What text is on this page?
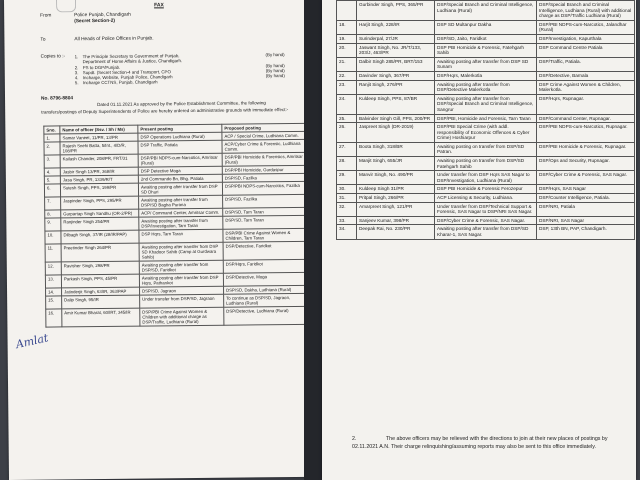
FAX
From	Police Punjab, Chandigarh
(Secret Section-2)
To	All Heads of Police Offices in Punjab.
Copies to :- 1. The Principle Secretary to Government of Punjab,	(By hand)
Department of Home Affairs & Justice, Chandigarh.
2. PS to DGP/Punjab.	(By hand)
3. Supdt. (Secret Section-4 and Transport, CPO	(By hand)
4. Incharge, Website, Punjab Police, Chandigarh	(By hand)
5. Incharge CCTNS, Punjab, Chandigarh
No. 8796-8804
Dated 01.11.2021 As approved by the Police Establishment Committee, the following transfers/postings of Deputy Superintendents of Police are hereby ordered on administrative grounds with immediate effect:-
Sno.	Name of officer (Ssv. / Sh / Ms)	Present posting	Proposed posting
1.	Samar Vaneet, 11/PR, 13/PR	DSP Operations Ludhiana (Rural)	ACP / Special Crime, Ludhiana Comm.
2.	Rajesh Snehi Batta, 5/Int., 4/D/R, 108/PR	DSP Traffic, Patiala	ACP/Cyber Crime & Forensic, Ludhiana Comm.
3.	Kailash Chander, 208/PR, FRT/31	DSP/PBI NDPS-cum-Narcotics, Amritsar (Rural)	DSP/PBI Homicide & Forensics, Amritsar (Rural)
4.	Jasbir Singh 13/PR, 368/IR	DSP Detective Moga	DSP/PBI Homicide, Gurdaspur
5.	Jasa Singh, PR, 1339/R/T	2nd Commando Bn, Bhg. Patiala	DSP/SD, Fazilka
6.	Sutesh Singh, PPS, 199/PR	Awaiting posting after transfer from DSP SD Dhuri	DSP/PBI NDPS-cum-Narcotics, Fazilka
7.	Jaspinder Singh, PPS, 295/PR	Awaiting posting after transfer from DSP/SD Bagha Purana	DSP/SD, Fazilka
8.	Gurpartap Singh Sandhu (OR-2/PR)	ACP/ Command Center, Amritsar Comm.	DSP/SD, Tarn Taran
9.	Ranjinder Singh 254/PR	Awaiting posting after transfer from DSP/Investigation, Tarn Taran	DSP/SD, Tarn Taran
10.	Dilbagh Singh, 37/IR (28/IR/PAP)	DSP Hqrs, Tarn Taran	DSP/PBI Crime Against Women & Children, Tarn Taran
11.	Preetinder Singh 264/PR	Awaiting posting after transfer from DSP SD Khadoor Sahib (Camp at Gurdwara Sahib)	DSP/Detective, Faridkot
12.	Ravisher Singh, 298/PR	Awaiting posting after transfer from DSP/SD, Faridkot	DSP/Hqrs, Faridkot
13.	Parkash Singh, PPS, 45/PR	Awaiting posting after transfer from DSP Hqrs, Pathankot	DSP/Detective, Moga
14.	Jatinderjit Singh, 63/IR, 363/PAP	DSP/SD, Jagraon	DSP/SD, Dakha, Ludhiana (Rural)
15.	Dalip Singh, 95/IR	Under transfer from DSP/SD, Jagraon	To continue as DSP/SD, Jagraon, Ludhiana (Rural)
16.	Amir Kumar Bharat, 60/IRT, 345/IR	DSP/PBI Crime Against Women & Children with additional charge as DSP/Traffic, Ludhiana (Rural)	DSP/Detective, Ludhiana (Rural)
Amlat
	Gurbinder Singh, PPS, 365/PR	DSP/Special Branch and Criminal Intelligence, Ludhiana (Rural)	DSP/Special Branch and Criminal Intelligence, Ludhiana (Rural) with additional charge as DSP/Traffic Ludhiana (Rural)
18.	Harjit Singh, 228/IR	DSP SD Multanpur Dakha	DSP/PBI NDPS-cum-Narcotics, Jalandhar (Rural)
19.	Surinderpal, 27/JR	DSP/SD, Jaito, Faridkot	DSP/Investigation, Kapurthala
20.	Jaswant Singh, No. JR/T/133, 203/J, 463/PR	DSP PBI Homicide & Forensic, Fatehgarh Sahib	DSP Command Centre Patiala
21.	Dalbir Singh 285/PR, BRT/153	Awaiting posting after transfer from DSP SD Sunam	DSP/Traffic, Patiala.
22.	Davinder Singh, 367/PR	DSP/Hqrs, Malerkotla	DSP/Detective, Barnala
23.	Ranjit Singh, 276/PR	Awaiting posting after transfer from DSP/Detective Malerkotla	DSP Crime Against Women & Children, Malerkotla.
24.	Kuldeep Singh, PPS, 87/BR	Awaiting posting after transfer from DSP/Special Branch and Criminal Intelligence, Sangrur	DSP/Hqrs, Rupnagar.
25.	Balvinder Singh Gill, PPS, 200/PR	DSP/PBI, Homicide and Forensic, Tarn Taran	DSP/Command Center, Rupnagar.
26.	Jaspreet Singh (DR-2019)	DSP/PBI Special Crime (with addl. responsibility of Economic Offences & Cyber Crime) Hoshiarpur	DSP/PBI NDPS-cum-Narcotics, Rupnagar.
27.	Boota Singh, 318/BR	Awaiting posting on transfer from DSP/SD Patran.	DSP/PBI Homicide & Forensic, Rupnagar.
28.	Manjit Singh, 655/JR	Awaiting posting on transfer from DSP/SD Fatehgarh Sahib	DSP/Ops and Security, Rupnagar.
29.	Manvir Singh, No. 490/PR	Under transfer from DSP Hqrs SAS Nagar to DSP/Investigation, Ludhiana (Rural)	DSP/Cyber Crime & Forensic, SAS Nagar.
30.	Kuldeep Singh 31/PR	DSP PBI Homicide & Forensic Ferozepur	DSP/Hqrs, SAS Nagar
31.	Pritpal Singh, 266/PR	ACP Licensing & Security, Ludhiana.	DSP/Counter Intelligence, Patiala.
32.	Amarpreet Singh, 121/PR	Under transfer from DSP/Technical Support & Forensic, SAS Nagar to DSP/NRI SAS Nagar.	DSP/NRI, Patiala
33.	Sanjeev Kumar, 398/PR	DSP/Cyber Crime & Forensic, SAS Nagar.	DSP/NRI, SAS Nagar
34.	Deepak Rai, No. 230/PR	Awaiting posting after transfer from DSP/SD Kharar-1, SAS Nagar.	DSP, 13th BN, PAP, Chandigarh.
2.	The above officers may be relieved with the directions to join at their new places of postings by 02.11.2021 A.N. Their charge relinquishing/assuming reports may also be sent to this office immediately.
